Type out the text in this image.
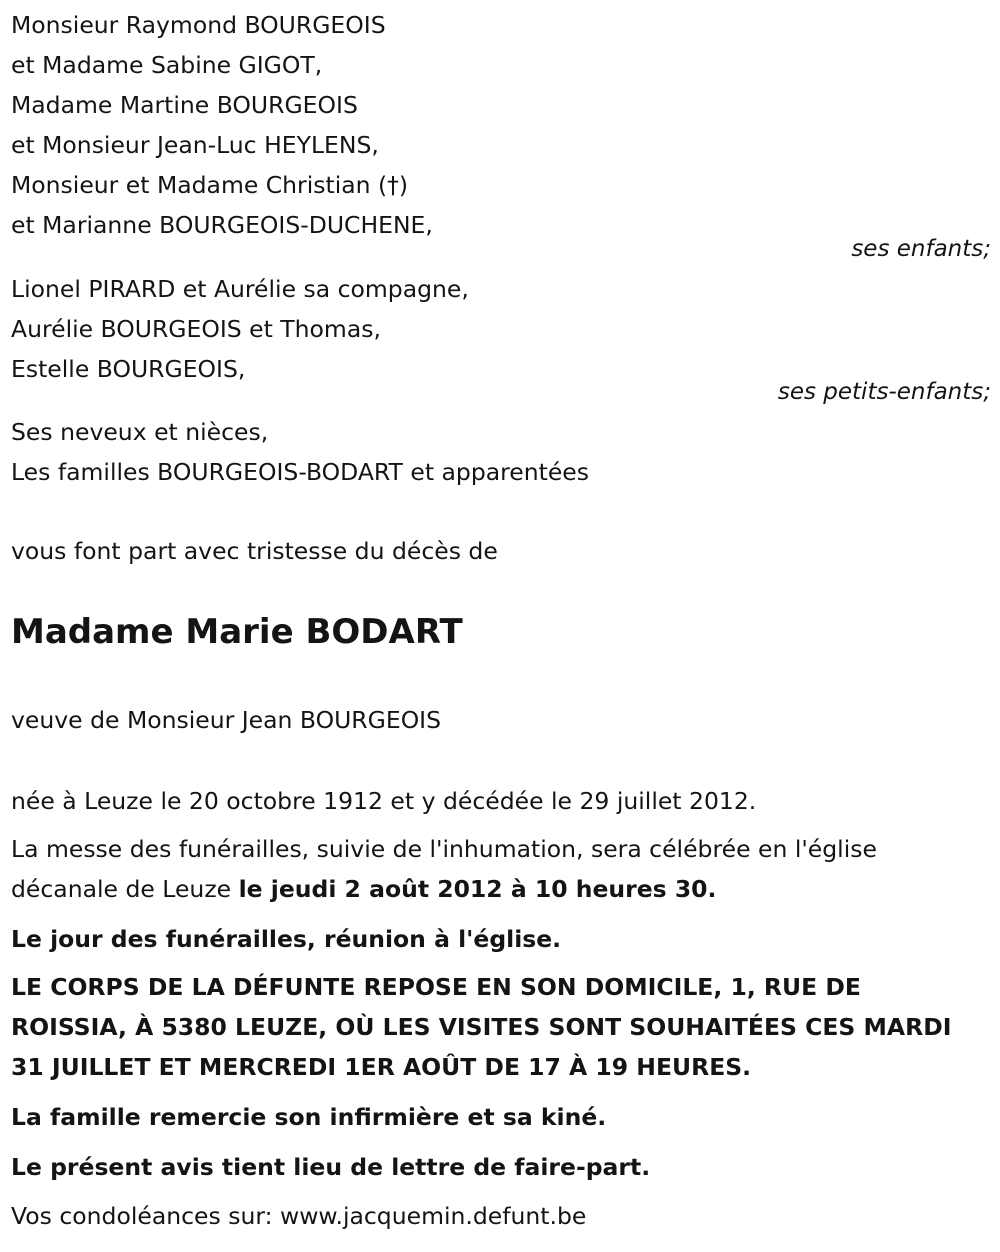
Monsieur Raymond BOURGEOIS
et Madame Sabine GIGOT,
Madame Martine BOURGEOIS
et Monsieur Jean-Luc HEYLENS,
Monsieur et Madame Christian (†)
et Marianne BOURGEOIS-DUCHENE,
ses enfants;
Lionel PIRARD et Aurélie sa compagne,
Aurélie BOURGEOIS et Thomas,
Estelle BOURGEOIS,
ses petits-enfants;
Ses neveux et nièces,
Les familles BOURGEOIS-BODART et apparentées
vous font part avec tristesse du décès de
Madame Marie BODART
veuve de Monsieur Jean BOURGEOIS
née à Leuze le 20 octobre 1912 et y décédée le 29 juillet 2012.
La messe des funérailles, suivie de l'inhumation, sera célébrée en l'église
décanale de Leuze le jeudi 2 août 2012 à 10 heures 30.
Le jour des funérailles, réunion à l'église.
LE CORPS DE LA DÉFUNTE REPOSE EN SON DOMICILE, 1, RUE DE
ROISSIA, À 5380 LEUZE, OÙ LES VISITES SONT SOUHAITÉES CES MARDI
31 JUILLET ET MERCREDI 1ER AOÛT DE 17 À 19 HEURES.
La famille remercie son infirmière et sa kiné.
Le présent avis tient lieu de lettre de faire-part.
Vos condoléances sur: www.jacquemin.defunt.be
